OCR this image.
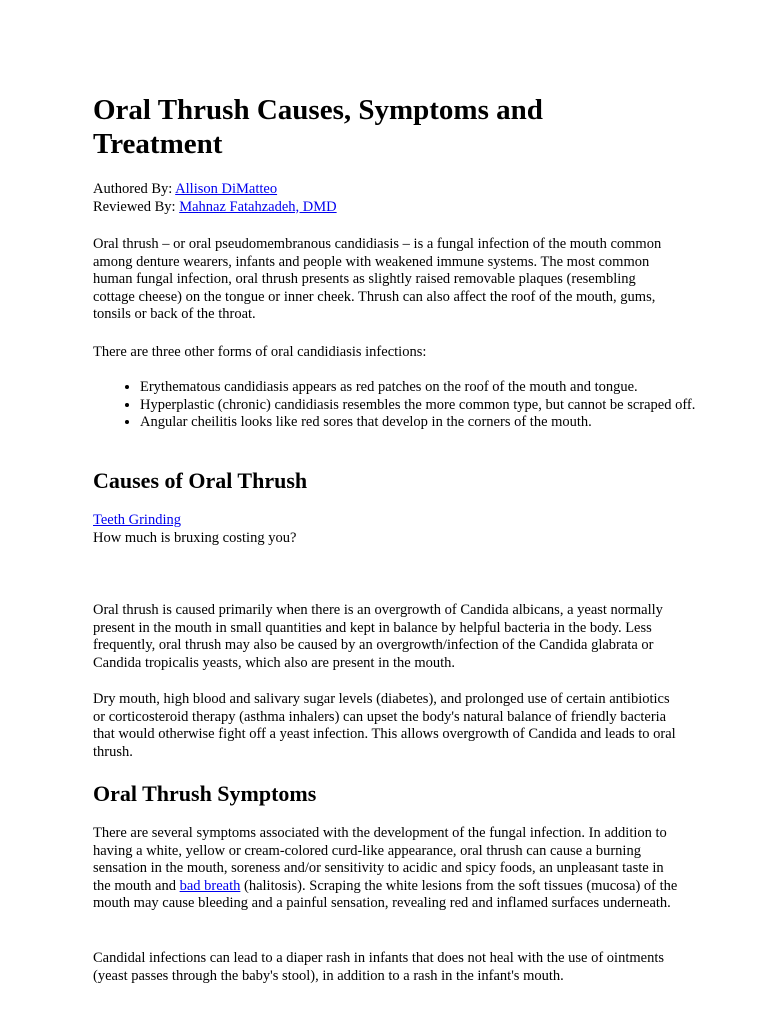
Oral Thrush Causes, Symptoms and Treatment
Authored By: Allison DiMatteo
Reviewed By: Mahnaz Fatahzadeh, DMD

Oral thrush – or oral pseudomembranous candidiasis – is a fungal infection of the mouth common among denture wearers, infants and people with weakened immune systems. The most common human fungal infection, oral thrush presents as slightly raised removable plaques (resembling cottage cheese) on the tongue or inner cheek. Thrush can also affect the roof of the mouth, gums, tonsils or back of the throat.

There are three other forms of oral candidiasis infections:

• Erythematous candidiasis appears as red patches on the roof of the mouth and tongue.
• Hyperplastic (chronic) candidiasis resembles the more common type, but cannot be scraped off.
• Angular cheilitis looks like red sores that develop in the corners of the mouth.
Causes of Oral Thrush
Teeth Grinding
How much is bruxing costing you?

Oral thrush is caused primarily when there is an overgrowth of Candida albicans, a yeast normally present in the mouth in small quantities and kept in balance by helpful bacteria in the body. Less frequently, oral thrush may also be caused by an overgrowth/infection of the Candida glabrata or Candida tropicalis yeasts, which also are present in the mouth.

Dry mouth, high blood and salivary sugar levels (diabetes), and prolonged use of certain antibiotics or corticosteroid therapy (asthma inhalers) can upset the body's natural balance of friendly bacteria that would otherwise fight off a yeast infection. This allows overgrowth of Candida and leads to oral thrush.

Oral Thrush Symptoms

There are several symptoms associated with the development of the fungal infection. In addition to having a white, yellow or cream-colored curd-like appearance, oral thrush can cause a burning sensation in the mouth, soreness and/or sensitivity to acidic and spicy foods, an unpleasant taste in the mouth and bad breath (halitosis). Scraping the white lesions from the soft tissues (mucosa) of the mouth may cause bleeding and a painful sensation, revealing red and inflamed surfaces underneath.

Candidal infections can lead to a diaper rash in infants that does not heal with the use of ointments (yeast passes through the baby's stool), in addition to a rash in the infant's mouth.
